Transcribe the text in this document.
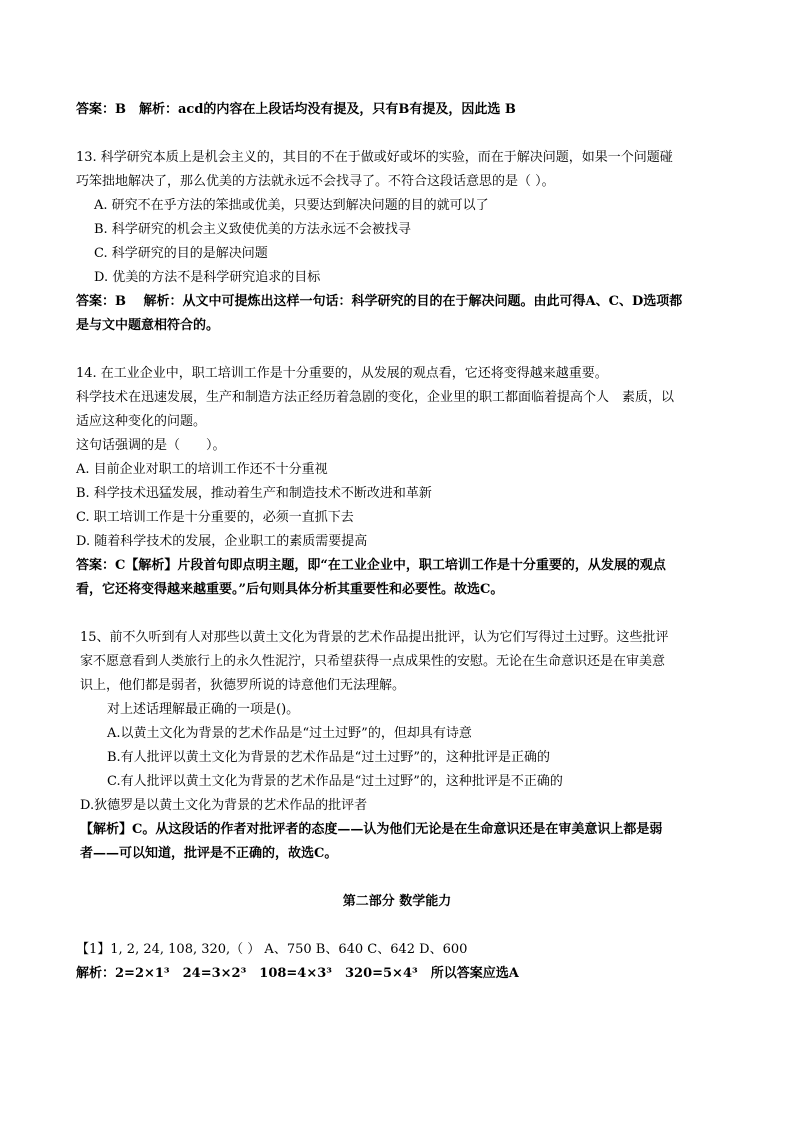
答案：B　解析：acd的内容在上段话均没有提及，只有B有提及，因此选 B
13. 科学研究本质上是机会主义的，其目的不在于做或好或坏的实验，而在于解决问题，如果一个问题碰
巧笨拙地解决了，那么优美的方法就永远不会找寻了。不符合这段话意思的是（ ）。
A. 研究不在乎方法的笨拙或优美，只要达到解决问题的目的就可以了
B. 科学研究的机会主义致使优美的方法永远不会被找寻
C. 科学研究的目的是解决问题
D. 优美的方法不是科学研究追求的目标
答案：B　 解析：从文中可提炼出这样一句话：科学研究的目的在于解决问题。由此可得A、C、D选项都
是与文中题意相符合的。
14. 在工业企业中，职工培训工作是十分重要的，从发展的观点看，它还将变得越来越重要。
科学技术在迅速发展，生产和制造方法正经历着急剧的变化，企业里的职工都面临着提高个人　素质，以
适应这种变化的问题。
这句话强调的是（　　）。
A. 目前企业对职工的培训工作还不十分重视
B. 科学技术迅猛发展，推动着生产和制造技术不断改进和革新
C. 职工培训工作是十分重要的，必须一直抓下去
D. 随着科学技术的发展，企业职工的素质需要提高
答案：C【解析】片段首句即点明主题，即“在工业企业中，职工培训工作是十分重要的，从发展的观点
看，它还将变得越来越重要。”后句则具体分析其重要性和必要性。故选C。
15、前不久听到有人对那些以黄土文化为背景的艺术作品提出批评，认为它们写得过土过野。这些批评
家不愿意看到人类旅行上的永久性泥泞，只希望获得一点成果性的安慰。无论在生命意识还是在审美意
识上，他们都是弱者，狄德罗所说的诗意他们无法理解。
对上述话理解最正确的一项是()。
A.以黄土文化为背景的艺术作品是“过土过野”的，但却具有诗意
B.有人批评以黄土文化为背景的艺术作品是“过土过野”的，这种批评是正确的
C.有人批评以黄土文化为背景的艺术作品是“过土过野”的，这种批评是不正确的
D.狄德罗是以黄土文化为背景的艺术作品的批评者
【解析】C。从这段话的作者对批评者的态度——认为他们无论是在生命意识还是在审美意识上都是弱
者——可以知道，批评是不正确的，故选C。
第二部分 数学能力
【1】1, 2, 24, 108, 320,（ ） A、750 B、640 C、642 D、600
解析：2=2×1³　24=3×2³　108=4×3³　320=5×4³　所以答案应选A
